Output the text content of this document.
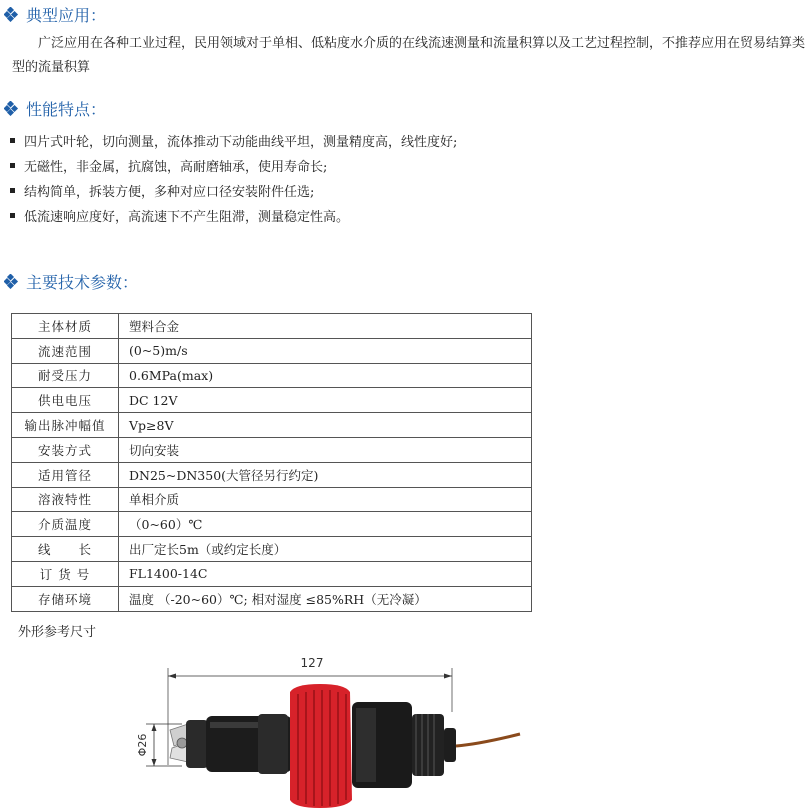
典型应用：
广泛应用在各种工业过程，民用领域对于单相、低粘度水介质的在线流速测量和流量积算以及工艺过程控制，不推荐应用在贸易结算类型的流量积算
性能特点：
四片式叶轮，切向测量，流体推动下动能曲线平坦，测量精度高，线性度好;
无磁性，非金属，抗腐蚀，高耐磨轴承，使用寿命长;
结构简单，拆装方便，多种对应口径安装附件任选;
低流速响应度好，高流速下不产生阻滞，测量稳定性高。
主要技术参数：
主体材质	塑料合金
流速范围	(0~5)m/s
耐受压力	0.6MPa(max)
供电电压	DC 12V
输出脉冲幅值	Vp≥8V
安装方式	切向安装
适用管径	DN25~DN350(大管径另行约定)
溶液特性	单相介质
介质温度	（0~60）℃
线　　长	出厂定长5m（或约定长度）
订 货 号	FL1400-14C
存储环境	温度 （-20~60）℃; 相对湿度 ≤85%RH（无冷凝）
外形参考尺寸
127
Φ26
